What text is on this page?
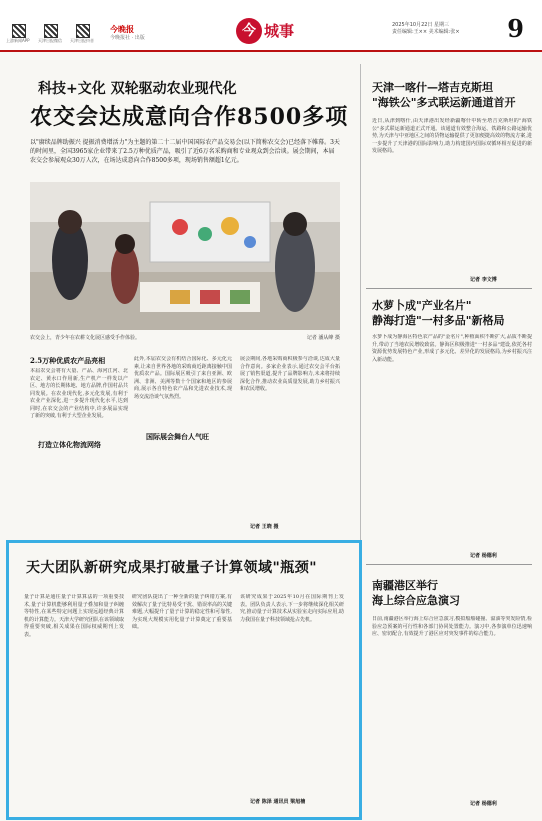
上游新闻APP 天津日报微信 天津日报抖音
今晚报
今晚报社 · 出版	今 城事	2025年10月22日 星期三
责任编辑:王×× 美术编辑:张×	9
科技+文化 双轮驱动农业现代化
农交会达成意向合作8500多项
以"赓续品牌助振兴 提振消费增活力"为主题的第二十二届中国国际农产品交易会(以下简称农交会)已经落下帷幕。3天的时间里，全国3965家企业带来了2.5万种优质产品，吸引了近6万名采购商和专业观众到会洽谈。展会期间，本届农交会参展观众30万人次，在场达成意向合作8500多项，现场销售额超1亿元。
农交会上，青少年在农耕文化展区感受手作体验。	记者 潘从峰 摄
2.5万种优质农产品亮相
本届农交会将有大量、产品、海河江河、北农定、黄水口作用新,生产机产一样发以产区、地方的长期体地、地方品牌,作国村品共同发展。在农业现代化,多元化发展,有利于农业产业深化,进一步提升现代化水平,达到同时,在农交会的产业结构中,许多展品实现了新的突破,有利于大型企业发展。
打造立体化物流网络
此外,本届农交会有机结合国际化、多元化元素,让来自世界各地的采购商近距离接触中国优质农产品。国际展区吸引了来自亚洲、欧洲、非洲、美洲等数十个国家和地区的参展商,展示各自特色农产品和先进农业技术,现场交流洽谈气氛热烈。
国际展会舞台人气旺
展会期间,各地采购商积极参与洽谈,达成大量合作意向。多家企业表示,通过农交会平台拓展了销售渠道,提升了品牌影响力,未来将持续深化合作,推动农业高质量发展,助力乡村振兴和农民增收。
记者 王晓 摄
天津一喀什—塔吉克斯坦
"海铁公"多式联运新通道首开
近日,从津到喀什,由天津港出发经新疆喀什中转至塔吉克斯坦的"海铁公"多式联运新通道正式开通。该通道有效整合海运、铁路和公路运输优势,为天津与中亚地区之间的货物运输提供了更加便捷高效的物流方案,进一步提升了天津港的国际影响力,助力构建国内国际双循环相互促进的新发展格局。
记者 李文博
水萝卜成"产业名片"
静海打造"一村多品"新格局
水萝卜成为静海区特色农产品的"金名片",种植面积不断扩大,品质不断提升,带动了当地农民增收致富。静海区积极推进"一村多品"建设,依托各村资源优势发展特色产业,形成了多元化、差异化的发展格局,为乡村振兴注入新动能。
记者 杨德利
南疆港区举行
海上综合应急演习
日前,南疆港区举行海上综合应急演习,模拟船舶碰撞、溢油等突发险情,检验应急预案的可行性和各部门协同处置能力。演习中,各参演单位迅速响应、密切配合,有效提升了港区应对突发事件的综合能力。
记者 杨德利
天大团队新研究成果打破量子计算领域"瓶颈"
量子计算是通往量子计算算法的一项重要技术,量子计算机能够利用量子叠加和量子纠缠等特性,在某些特定问题上实现远超经典计算机的计算能力。天津大学研究团队在该领域取得重要突破,相关成果在国际权威期刊上发表。
研究团队提出了一种全新的量子纠错方案,有效解决了量子比特易受干扰、错误率高的关键难题,大幅提升了量子计算的稳定性和可靠性,为实现大规模实用化量子计算奠定了重要基础。
该研究成果于2025年10月在国际期刊上发表。团队负责人表示,下一步将继续深化相关研究,推动量子计算技术从实验室走向实际应用,助力我国在量子科技领域抢占先机。
记者 陈泽 通讯员 梁旭楠
